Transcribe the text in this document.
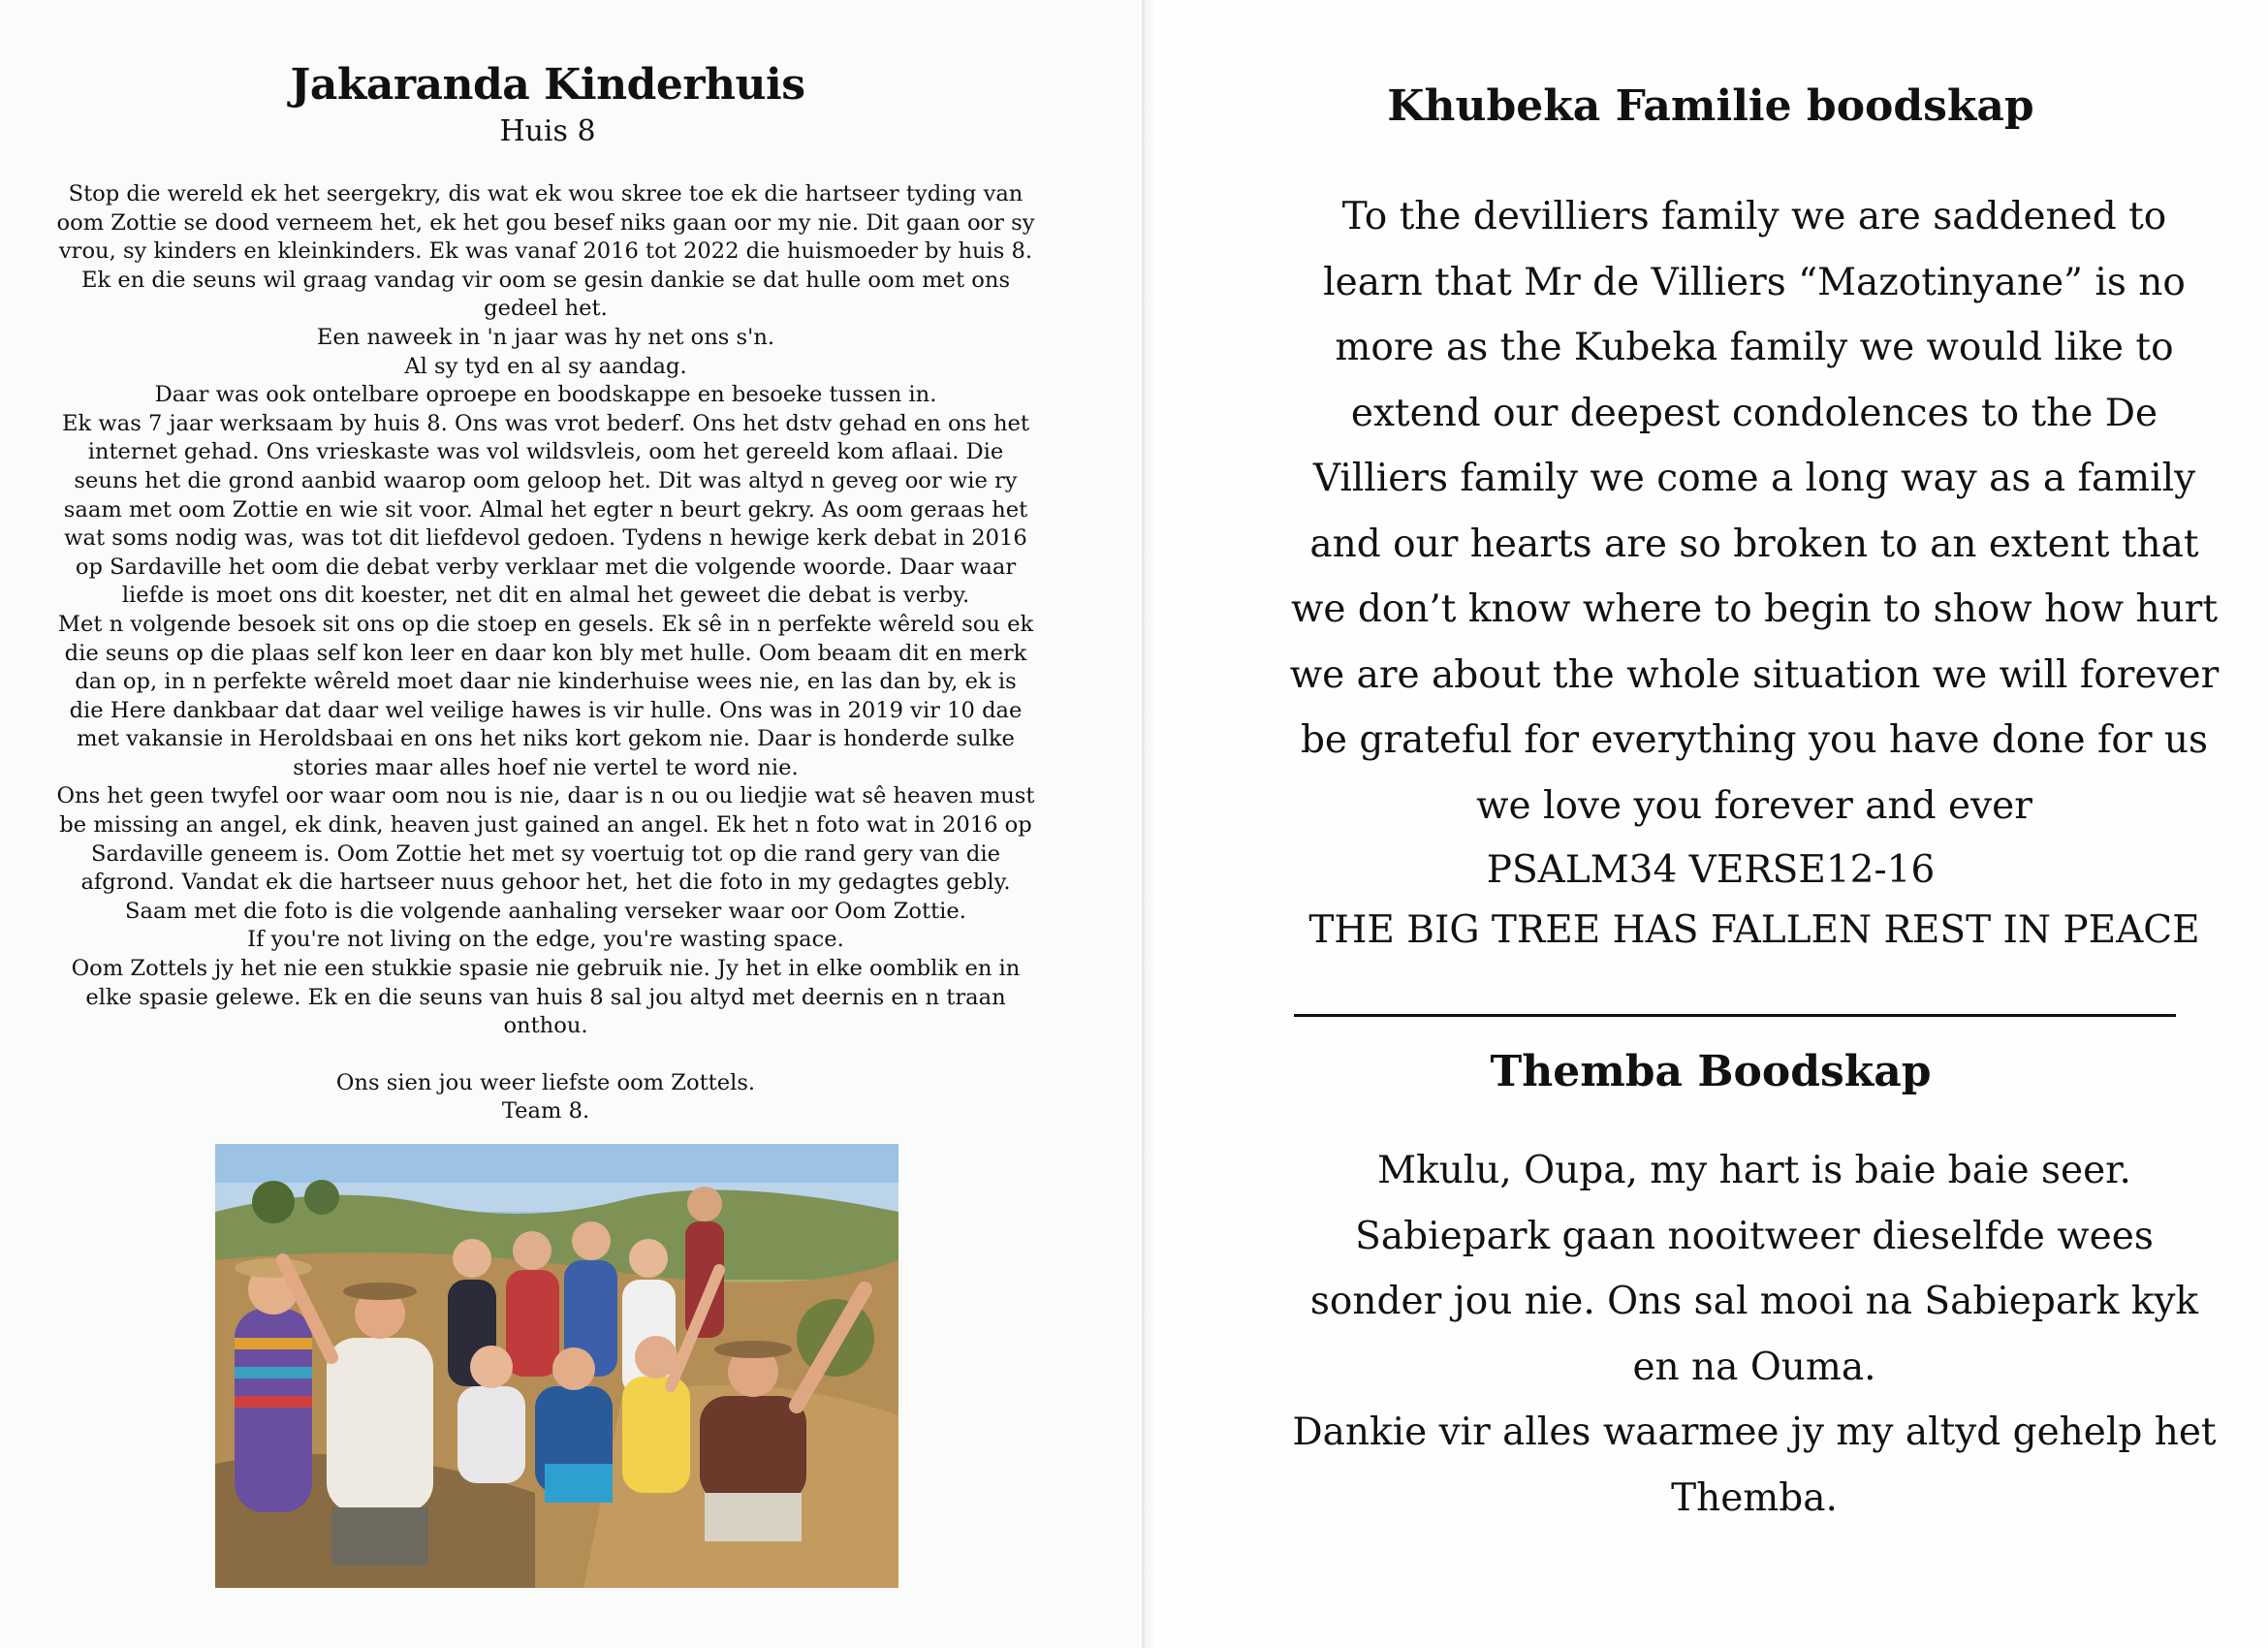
Jakaranda Kinderhuis
Huis 8

Stop die wereld ek het seergekry, dis wat ek wou skree toe ek die hartseer tyding van oom Zottie se dood verneem het, ek het gou besef niks gaan oor my nie. Dit gaan oor sy vrou, sy kinders en kleinkinders. Ek was vanaf 2016 tot 2022 die huismoeder by huis 8. Ek en die seuns wil graag vandag vir oom se gesin dankie se dat hulle oom met ons gedeel het.

Een naweek in 'n jaar was hy net ons s'n.

Al sy tyd en al sy aandag.

Daar was ook ontelbare oproepe en boodskappe en besoeke tussen in.

Ek was 7 jaar werksaam by huis 8. Ons was vrot bederf. Ons het dstv gehad en ons het internet gehad. Ons vrieskaste was vol wildsvleis, oom het gereeld kom aflaai. Die seuns het die grond aanbid waarop oom geloop het. Dit was altyd n geveg oor wie ry saam met oom Zottie en wie sit voor. Almal het egter n beurt gekry. As oom geraas het wat soms nodig was, was tot dit liefdevol gedoen. Tydens n hewige kerk debat in 2016 op Sardaville het oom die debat verby verklaar met die volgende woorde. Daar waar liefde is moet ons dit koester, net dit en almal het geweet die debat is verby.

Met n volgende besoek sit ons op die stoep en gesels. Ek sê in n perfekte wêreld sou ek die seuns op die plaas self kon leer en daar kon bly met hulle. Oom beaam dit en merk dan op, in n perfekte wêreld moet daar nie kinderhuise wees nie, en las dan by, ek is die Here dankbaar dat daar wel veilige hawes is vir hulle. Ons was in 2019 vir 10 dae met vakansie in Heroldsbaai en ons het niks kort gekom nie. Daar is honderde sulke stories maar alles hoef nie vertel te word nie.

Ons het geen twyfel oor waar oom nou is nie, daar is n ou ou liedjie wat sê heaven must be missing an angel, ek dink, heaven just gained an angel. Ek het n foto wat in 2016 op Sardaville geneem is. Oom Zottie het met sy voertuig tot op die rand gery van die afgrond. Vandat ek die hartseer nuus gehoor het, het die foto in my gedagtes gebly.

Saam met die foto is die volgende aanhaling verseker waar oor Oom Zottie.

If you're not living on the edge, you're wasting space.

Oom Zottels jy het nie een stukkie spasie nie gebruik nie. Jy het in elke oomblik en in elke spasie gelewe. Ek en die seuns van huis 8 sal jou altyd met deernis en n traan onthou.

Ons sien jou weer liefste oom Zottels.

Team 8.

Khubeka Familie boodskap

To the devilliers family we are saddened to learn that Mr de Villiers “Mazotinyane” is no more as the Kubeka family we would like to extend our deepest condolences to the De Villiers family we come a long way as a family and our hearts are so broken to an extent that we don’t know where to begin to show how hurt we are about the whole situation we will forever be grateful for everything you have done for us we love you forever and ever

PSALM34 VERSE12-16
THE BIG TREE HAS FALLEN REST IN PEACE
Themba Boodskap

Mkulu, Oupa, my hart is baie baie seer. Sabiepark gaan nooitweer dieselfde wees sonder jou nie. Ons sal mooi na Sabiepark kyk en na Ouma.

Dankie vir alles waarmee jy my altyd gehelp het

Themba.
